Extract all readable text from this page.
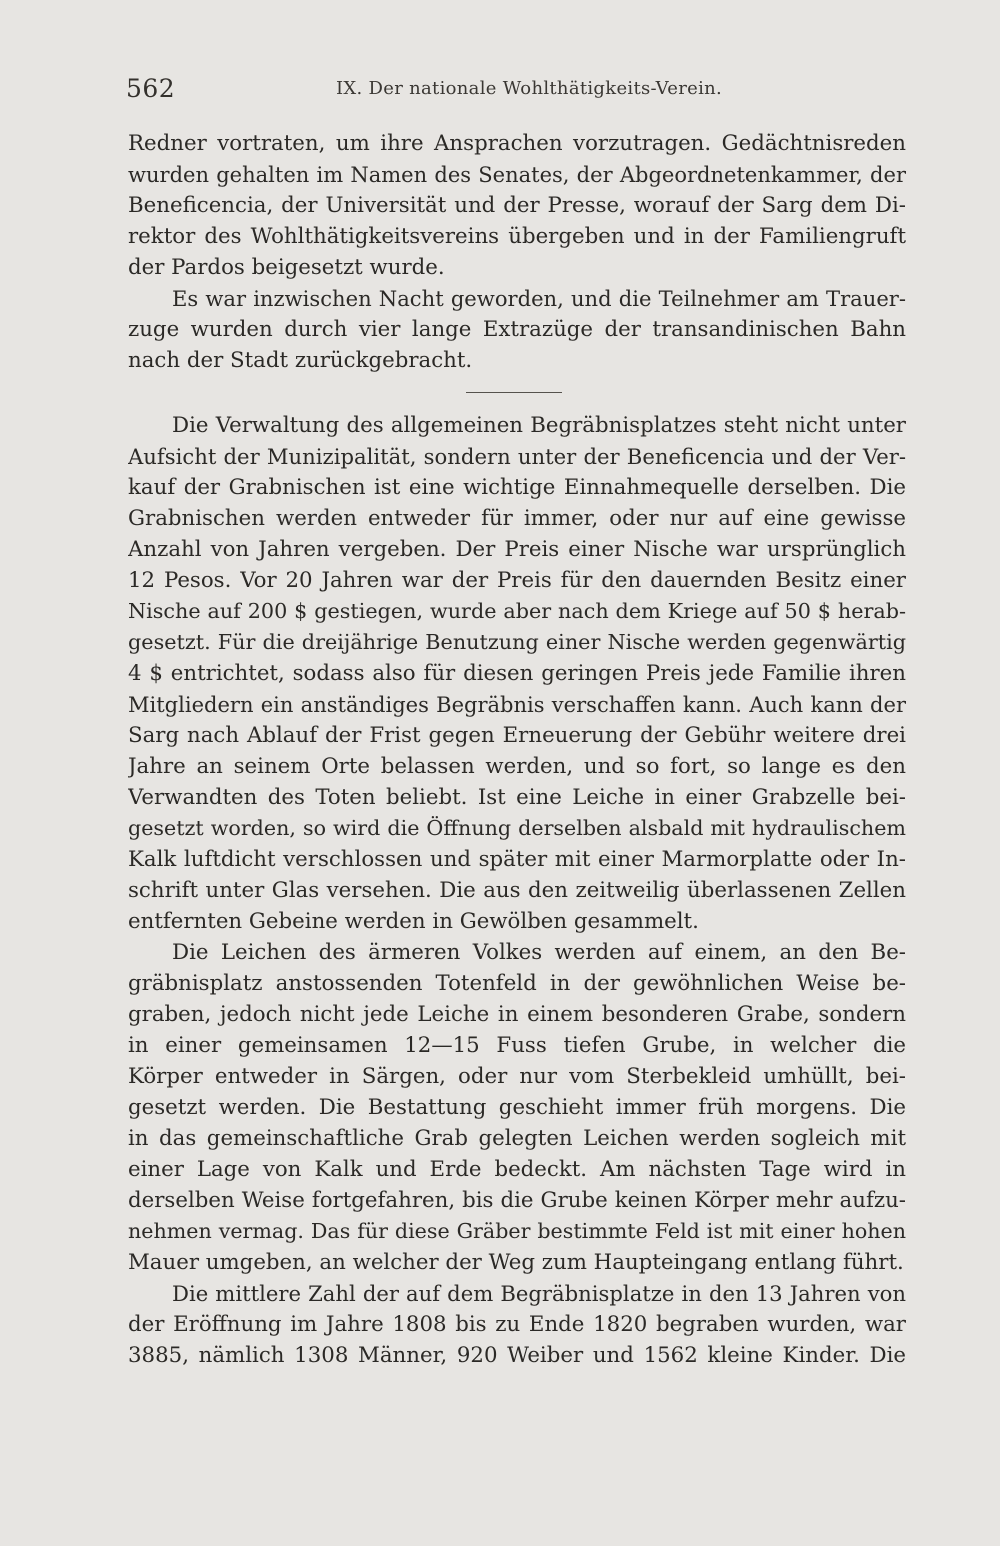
562	IX. Der nationale Wohlthätigkeits-Verein.
Redner vortraten, um ihre Ansprachen vorzutragen. Gedächtnisreden
wurden gehalten im Namen des Senates, der Abgeordnetenkammer, der
Beneficencia, der Universität und der Presse, worauf der Sarg dem Di-
rektor des Wohlthätigkeitsvereins übergeben und in der Familiengruft
der Pardos beigesetzt wurde.
Es war inzwischen Nacht geworden, und die Teilnehmer am Trauer-
zuge wurden durch vier lange Extrazüge der transandinischen Bahn
nach der Stadt zurückgebracht.
Die Verwaltung des allgemeinen Begräbnisplatzes steht nicht unter
Aufsicht der Munizipalität, sondern unter der Beneficencia und der Ver-
kauf der Grabnischen ist eine wichtige Einnahmequelle derselben. Die
Grabnischen werden entweder für immer, oder nur auf eine gewisse
Anzahl von Jahren vergeben. Der Preis einer Nische war ursprünglich
12 Pesos. Vor 20 Jahren war der Preis für den dauernden Besitz einer
Nische auf 200 $ gestiegen, wurde aber nach dem Kriege auf 50 $ herab-
gesetzt. Für die dreijährige Benutzung einer Nische werden gegenwärtig
4 $ entrichtet, sodass also für diesen geringen Preis jede Familie ihren
Mitgliedern ein anständiges Begräbnis verschaffen kann. Auch kann der
Sarg nach Ablauf der Frist gegen Erneuerung der Gebühr weitere drei
Jahre an seinem Orte belassen werden, und so fort, so lange es den
Verwandten des Toten beliebt. Ist eine Leiche in einer Grabzelle bei-
gesetzt worden, so wird die Öffnung derselben alsbald mit hydraulischem
Kalk luftdicht verschlossen und später mit einer Marmorplatte oder In-
schrift unter Glas versehen. Die aus den zeitweilig überlassenen Zellen
entfernten Gebeine werden in Gewölben gesammelt.
Die Leichen des ärmeren Volkes werden auf einem, an den Be-
gräbnisplatz anstossenden Totenfeld in der gewöhnlichen Weise be-
graben, jedoch nicht jede Leiche in einem besonderen Grabe, sondern
in einer gemeinsamen 12—15 Fuss tiefen Grube, in welcher die
Körper entweder in Särgen, oder nur vom Sterbekleid umhüllt, bei-
gesetzt werden. Die Bestattung geschieht immer früh morgens. Die
in das gemeinschaftliche Grab gelegten Leichen werden sogleich mit
einer Lage von Kalk und Erde bedeckt. Am nächsten Tage wird in
derselben Weise fortgefahren, bis die Grube keinen Körper mehr aufzu-
nehmen vermag. Das für diese Gräber bestimmte Feld ist mit einer hohen
Mauer umgeben, an welcher der Weg zum Haupteingang entlang führt.
Die mittlere Zahl der auf dem Begräbnisplatze in den 13 Jahren von
der Eröffnung im Jahre 1808 bis zu Ende 1820 begraben wurden, war
3885, nämlich 1308 Männer, 920 Weiber und 1562 kleine Kinder. Die
